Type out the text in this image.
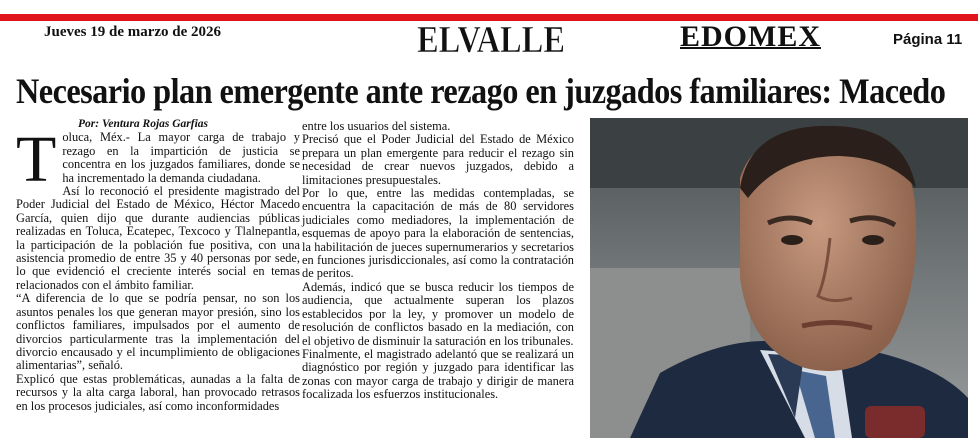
Jueves 19 de marzo de 2026	ELVALLE	EDOMEX	Página 11
Necesario plan emergente ante rezago en juzgados familiares: Macedo

Por: Ventura Rojas Garfias

Toluca, Méx.- La mayor carga de trabajo y rezago en la impartición de justicia se concentra en los juzgados familiares, donde se ha incrementado la demanda ciudadana.

Así lo reconoció el presidente magistrado del Poder Judicial del Estado de México, Héctor Macedo García, quien dijo que durante audiencias públicas realizadas en Toluca, Ecatepec, Texcoco y Tlalnepantla, la participación de la población fue positiva, con una asistencia promedio de entre 35 y 40 personas por sede, lo que evidenció el creciente interés social en temas relacionados con el ámbito familiar.

“A diferencia de lo que se podría pensar, no son los asuntos penales los que generan mayor presión, sino los conflictos familiares, impulsados por el aumento de divorcios particularmente tras la implementación del divorcio encausado y el incumplimiento de obligaciones alimentarias”, señaló.

Explicó que estas problemáticas, aunadas a la falta de recursos y la alta carga laboral, han provocado retrasos en los procesos judiciales, así como inconformidades

entre los usuarios del sistema.

Precisó que el Poder Judicial del Estado de México prepara un plan emergente para reducir el rezago sin necesidad de crear nuevos juzgados, debido a limitaciones presupuestales.

Por lo que, entre las medidas contempladas, se encuentra la capacitación de más de 80 servidores judiciales como mediadores, la implementación de esquemas de apoyo para la elaboración de sentencias, la habilitación de jueces supernumerarios y secretarios en funciones jurisdiccionales, así como la contratación de peritos.

Además, indicó que se busca reducir los tiempos de audiencia, que actualmente superan los plazos establecidos por la ley, y promover un modelo de resolución de conflictos basado en la mediación, con el objetivo de disminuir la saturación en los tribunales.

Finalmente, el magistrado adelantó que se realizará un diagnóstico por región y juzgado para identificar las zonas con mayor carga de trabajo y dirigir de manera focalizada los esfuerzos institucionales.
